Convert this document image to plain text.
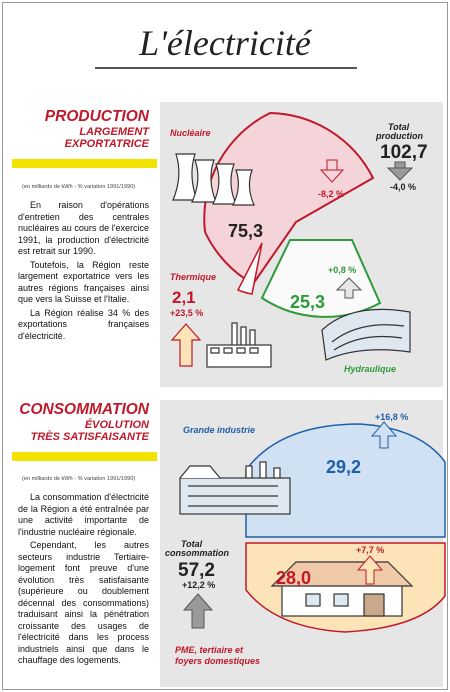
L'électricité
PRODUCTION
LARGEMENT
EXPORTATRICE
(en milliards de kWh - % variation 1991/1990)

En raison d'opérations d'entretien des centrales nucléaires au cours de l'exercice 1991, la production d'électricité est retrait sur 1990.

Toutefois, la Région reste largement exportatrice vers les autres régions françaises ainsi que vers la Suisse et l'Italie.

La Région réalise 34 % des exportations françaises d'électricité.

Nucléaire
75,3
-8,2 %
Total
production
102,7
-4,0 %
Thermique
2,1
+23,5 %
25,3
+0,8 %
Hydraulique
CONSOMMATION
ÉVOLUTION
TRÈS SATISFAISANTE
(en milliards de kWh - % variation 1991/1990)

La consommation d'électricité de la Région a été entraînée par une activité importante de l'industrie nucléaire régionale.

Cependant, les autres secteurs industrie Tertiaire-logement font preuve d'une évolution très satisfaisante (supérieure ou doublement décennal des consommations) traduisant ainsi la pénétration croissante des usages de l'électricité dans les process industriels ainsi que dans le chauffage des logements.

Grande industrie
29,2
+16,8 %
Total
consommation
57,2
+12,2 %	28,0
+7,7 %
PME, tertiaire et
foyers domestiques
